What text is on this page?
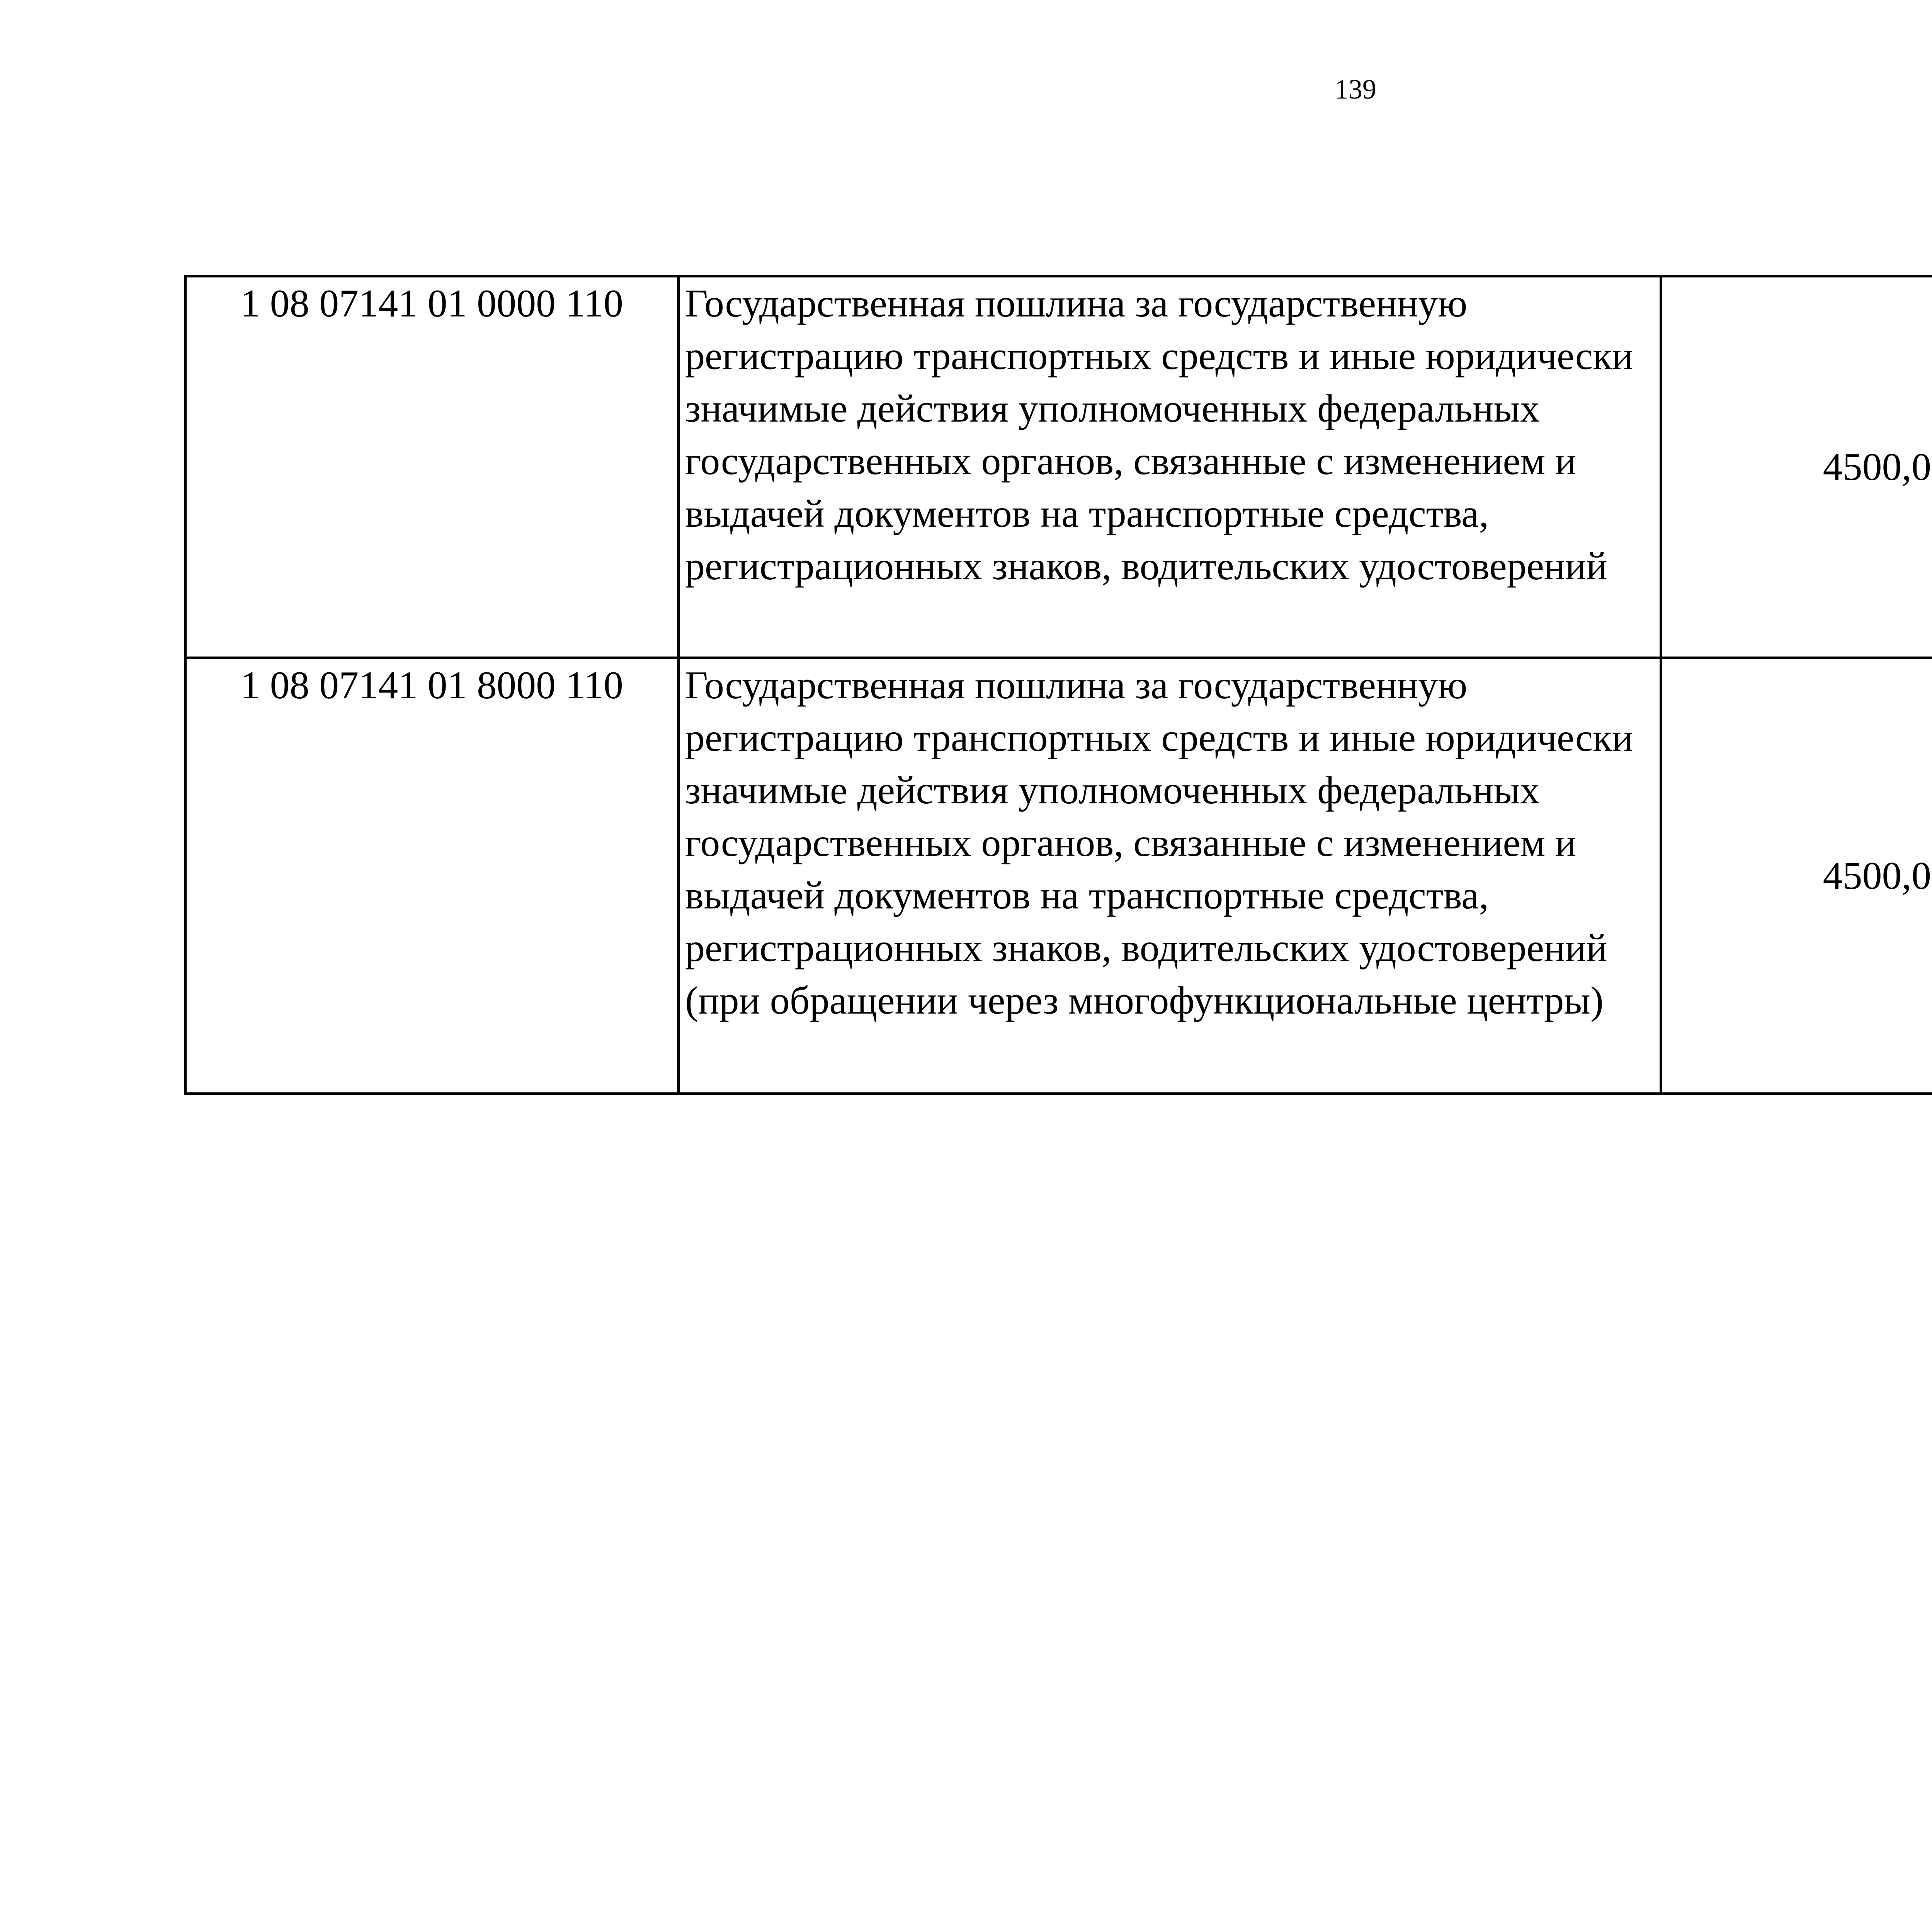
139
1 08 07141 01 0000 110	Государственная пошлина за государственную регистрацию транспортных средств и иные юридически значимые действия уполномоченных федеральных государственных органов, связанные с изменением и выдачей документов на транспортные средства, регистрационных знаков, водительских удостоверений	4500,0		
1 08 07141 01 8000 110	Государственная пошлина за государственную регистрацию транспортных средств и иные юридически значимые действия уполномоченных федеральных государственных органов, связанные с изменением и выдачей документов на транспортные средства, регистрационных знаков, водительских удостоверений (при обращении через многофункциональные центры)	4500,0		
